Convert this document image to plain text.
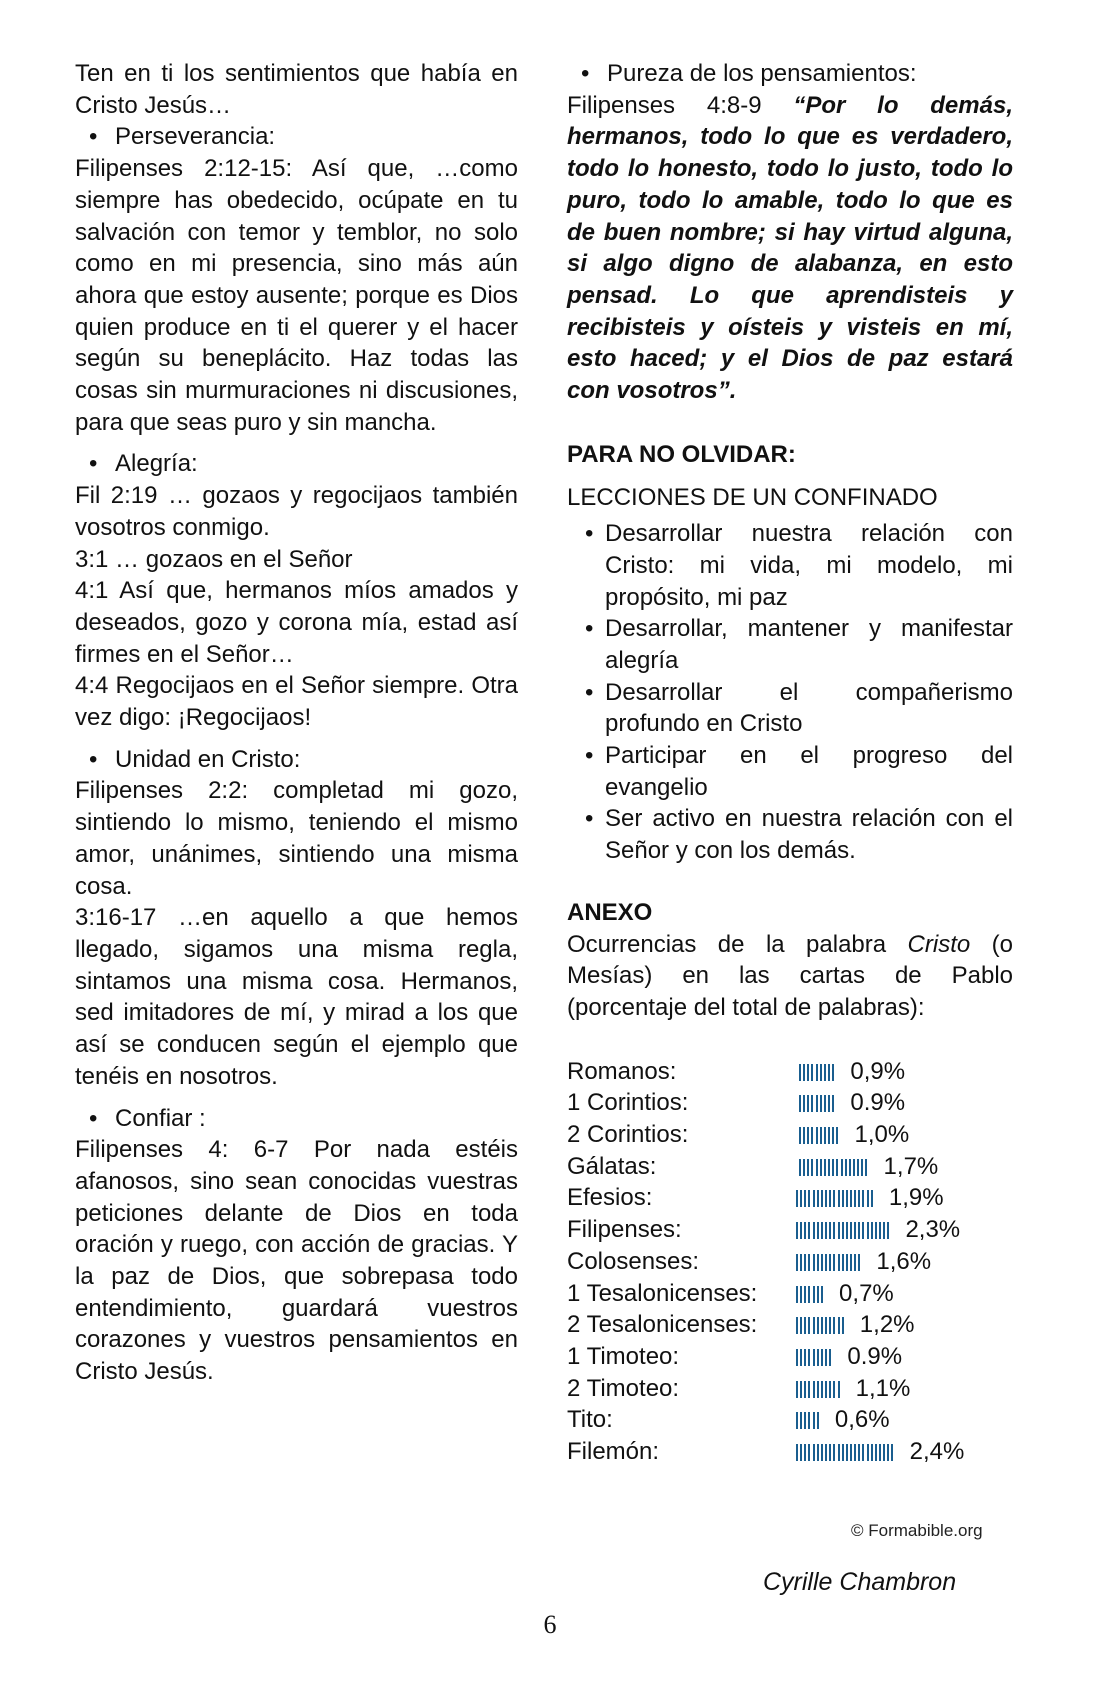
Ten en ti los sentimientos que había en Cristo Jesús…

• Perseverancia:

Filipenses 2:12-15: Así que, …como siempre has obedecido, ocúpate en tu salvación con temor y temblor, no solo como en mi presencia, sino más aún ahora que estoy ausente; porque es Dios quien produce en ti el querer y el hacer según su beneplácito. Haz todas las cosas sin murmuraciones ni discusiones, para que seas puro y sin mancha.

• Alegría:

Fil 2:19 … gozaos y regocijaos también vosotros conmigo.

3:1 … gozaos en el Señor

4:1 Así que, hermanos míos amados y deseados, gozo y corona mía, estad así firmes en el Señor…

4:4 Regocijaos en el Señor siempre. Otra vez digo: ¡Regocijaos!

• Unidad en Cristo:

Filipenses 2:2: completad mi gozo, sintiendo lo mismo, teniendo el mismo amor, unánimes, sintiendo una misma cosa.

3:16-17 …en aquello a que hemos llegado, sigamos una misma regla, sintamos una misma cosa. Hermanos, sed imitadores de mí, y mirad a los que así se conducen según el ejemplo que tenéis en nosotros.

• Confiar :

Filipenses 4: 6-7 Por nada estéis afanosos, sino sean conocidas vuestras peticiones delante de Dios en toda oración y ruego, con acción de gracias. Y la paz de Dios, que sobrepasa todo entendimiento, guardará vuestros corazones y vuestros pensamientos en Cristo Jesús.

• Pureza de los pensamientos:

Filipenses 4:8-9 “Por lo demás, hermanos, todo lo que es verdadero, todo lo honesto, todo lo justo, todo lo puro, todo lo amable, todo lo que es de buen nombre; si hay virtud alguna, si algo digno de alabanza, en esto pensad. Lo que aprendisteis y recibisteis y oísteis y visteis en mí, esto haced; y el Dios de paz estará con vosotros”.

PARA NO OLVIDAR:

LECCIONES DE UN CONFINADO

• Desarrollar nuestra relación con Cristo: mi vida, mi modelo, mi propósito, mi paz
• Desarrollar, mantener y manifestar alegría
• Desarrollar el compañerismo profundo en Cristo
• Participar en el progreso del evangelio
• Ser activo en nuestra relación con el Señor y con los demás.

ANEXO

Ocurrencias de la palabra Cristo (o Mesías) en las cartas de Pablo (porcentaje del total de palabras):

Romanos:	0,9%
1 Corintios:	0.9%
2 Corintios:	1,0%
Gálatas:	1,7%
Efesios:	1,9%
Filipenses:	2,3%
Colosenses:	1,6%
1 Tesalonicenses:	0,7%
2 Tesalonicenses:	1,2%
1 Timoteo:	0.9%
2 Timoteo:	1,1%
Tito:	0,6%
Filemón:	2,4%
© Formabible.org
Cyrille Chambron
6
